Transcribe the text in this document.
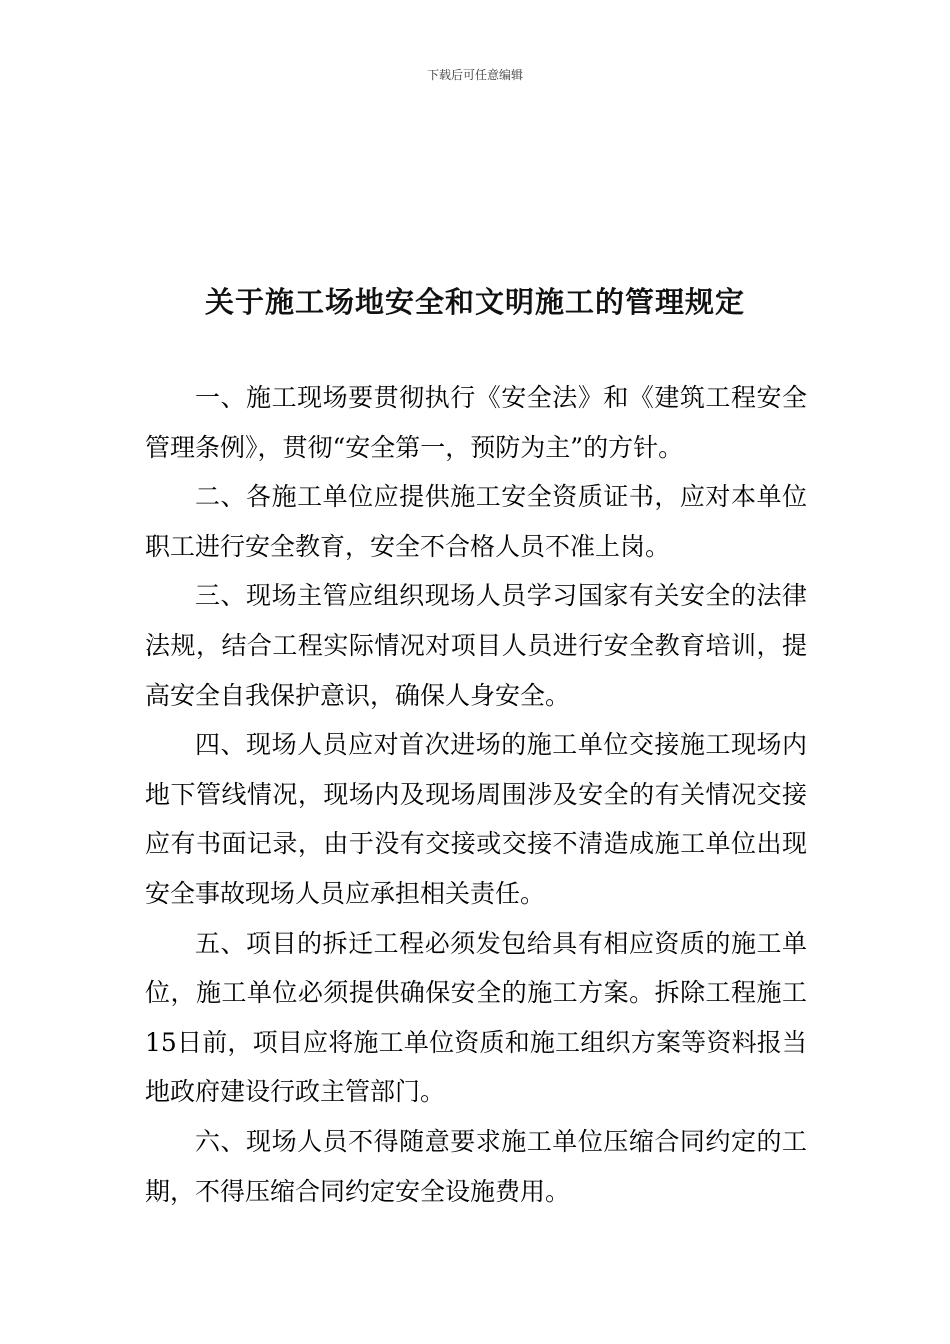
下载后可任意编辑
关于施工场地安全和文明施工的管理规定

一、施工现场要贯彻执行《安全法》和《建筑工程安全管理条例》，贯彻“安全第一，预防为主”的方针。

二、各施工单位应提供施工安全资质证书，应对本单位职工进行安全教育，安全不合格人员不准上岗。

三、现场主管应组织现场人员学习国家有关安全的法律法规，结合工程实际情况对项目人员进行安全教育培训，提高安全自我保护意识，确保人身安全。

四、现场人员应对首次进场的施工单位交接施工现场内地下管线情况，现场内及现场周围涉及安全的有关情况交接应有书面记录，由于没有交接或交接不清造成施工单位出现安全事故现场人员应承担相关责任。

五、项目的拆迁工程必须发包给具有相应资质的施工单位，施工单位必须提供确保安全的施工方案。拆除工程施工15日前，项目应将施工单位资质和施工组织方案等资料报当地政府建设行政主管部门。

六、现场人员不得随意要求施工单位压缩合同约定的工期，不得压缩合同约定安全设施费用。
